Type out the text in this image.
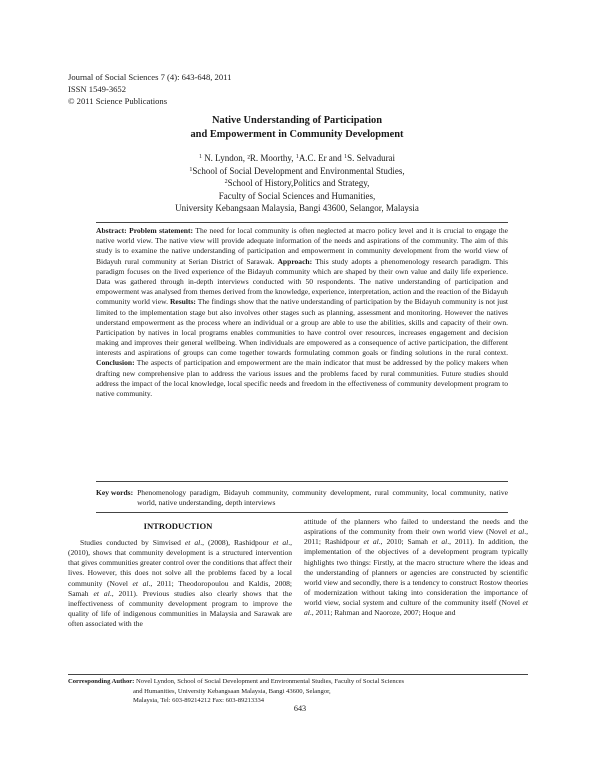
Journal of Social Sciences 7 (4): 643-648, 2011
ISSN 1549-3652
© 2011 Science Publications
Native Understanding of Participation
and Empowerment in Community Development
$^1$ N. Lyndon, ²R. Moorthy, $^1$A.C. Er and $^1$S. Selvadurai
$^1$School of Social Development and Environmental Studies,
$^2$School of History,Politics and Strategy,
Faculty of Social Sciences and Humanities,
University Kebangsaan Malaysia, Bangi 43600, Selangor, Malaysia
Abstract: Problem statement: The need for local community is often neglected at macro policy level and it is crucial to engage the native world view. The native view will provide adequate information of the needs and aspirations of the community. The aim of this study is to examine the native understanding of participation and empowerment in community development from the world view of Bidayuh rural community at Serian District of Sarawak. Approach: This study adopts a phenomenology research paradigm. This paradigm focuses on the lived experience of the Bidayuh community which are shaped by their own value and daily life experience. Data was gathered through in-depth interviews conducted with 50 respondents. The native understanding of participation and empowerment was analysed from themes derived from the knowledge, experience, interpretation, action and the reaction of the Bidayuh community world view. Results: The findings show that the native understanding of participation by the Bidayuh community is not just limited to the implementation stage but also involves other stages such as planning, assessment and monitoring. However the natives understand empowerment as the process where an individual or a group are able to use the abilities, skills and capacity of their own. Participation by natives in local programs enables communities to have control over resources, increases engagement and decision making and improves their general wellbeing. When individuals are empowered as a consequence of active participation, the different interests and aspirations of groups can come together towards formulating common goals or finding solutions in the rural context. Conclusion: The aspects of participation and empowerment are the main indicator that must be addressed by the policy makers when drafting new comprehensive plan to address the various issues and the problems faced by rural communities. Future studies should address the impact of the local knowledge, local specific needs and freedom in the effectiveness of community development program to native community.
Key words: Phenomenology paradigm, Bidayuh community, community development, rural community, local community, native world, native understanding, depth interviews
INTRODUCTION
Studies conducted by Simvised et al., (2008), Rashidpour et al., (2010), shows that community development is a structured intervention that gives communities greater control over the conditions that affect their lives. However, this does not solve all the problems faced by a local community (Novel et al., 2011; Theodoropoulou and Kaldis, 2008; Samah et al., 2011). Previous studies also clearly shows that the ineffectiveness of community development program to improve the quality of life of indigenous communities in Malaysia and Sarawak are often associated with the
attitude of the planners who failed to understand the needs and the aspirations of the community from their own world view (Novel et al., 2011; Rashidpour et al., 2010; Samah et al., 2011). In addition, the implementation of the objectives of a development program typically highlights two things: Firstly, at the macro structure where the ideas and the understanding of planners or agencies are constructed by scientific world view and secondly, there is a tendency to construct Rostow theories of modernization without taking into consideration the importance of world view, social system and culture of the community itself (Novel et al., 2011; Rahman and Naoroze, 2007; Hoque and
Corresponding Author: Novel Lyndon, School of Social Development and Environmental Studies, Faculty of Social Sciences
and Humanities, University Kebangsaan Malaysia, Bangi 43600, Selangor,
Malaysia, Tel: 603-89214212 Fax: 603-89213334
643
